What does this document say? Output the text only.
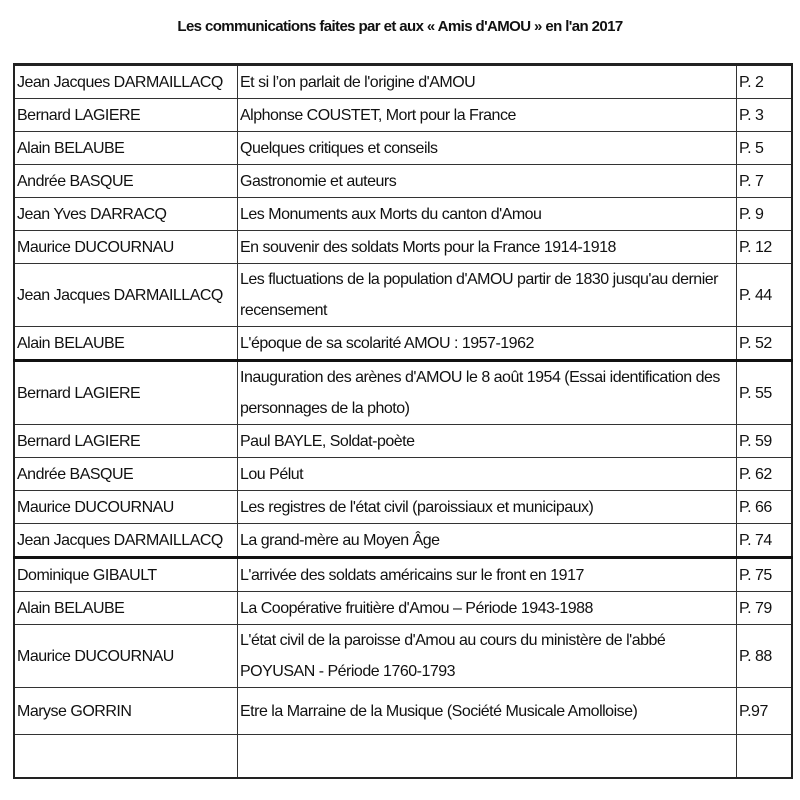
Les communications faites par et aux « Amis d'AMOU » en l'an 2017
Jean Jacques DARMAILLACQ	Et si l’on parlait de l'origine d'AMOU	P. 2
Bernard LAGIERE	Alphonse COUSTET, Mort pour la France	P. 3
Alain BELAUBE	Quelques critiques et conseils	P. 5
Andrée BASQUE	Gastronomie et auteurs	P. 7
Jean Yves DARRACQ	Les Monuments aux Morts du canton d'Amou	P. 9
Maurice DUCOURNAU	En souvenir des soldats Morts pour la France 1914-1918	P. 12
Jean Jacques DARMAILLACQ	Les fluctuations de la population d'AMOU partir de 1830 jusqu'au dernier recensement	P. 44
Alain BELAUBE	L'époque de sa scolarité AMOU : 1957-1962	P. 52
Bernard LAGIERE	Inauguration des arènes d'AMOU le 8 août 1954 (Essai identification des personnages de la photo)	P. 55
Bernard LAGIERE	Paul BAYLE, Soldat-poète	P. 59
Andrée BASQUE	Lou Pélut	P. 62
Maurice DUCOURNAU	Les registres de l'état civil (paroissiaux et municipaux)	P. 66
Jean Jacques DARMAILLACQ	La grand-mère au Moyen Âge	P. 74
Dominique GIBAULT	L'arrivée des soldats américains sur le front en 1917	P. 75
Alain BELAUBE	La Coopérative fruitière d'Amou – Période 1943-1988	P. 79
Maurice DUCOURNAU	L'état civil de la paroisse d'Amou au cours du ministère de l'abbé POYUSAN - Période 1760-1793	P. 88
Maryse GORRIN	Etre la Marraine de la Musique (Société Musicale Amolloise)	P.97
